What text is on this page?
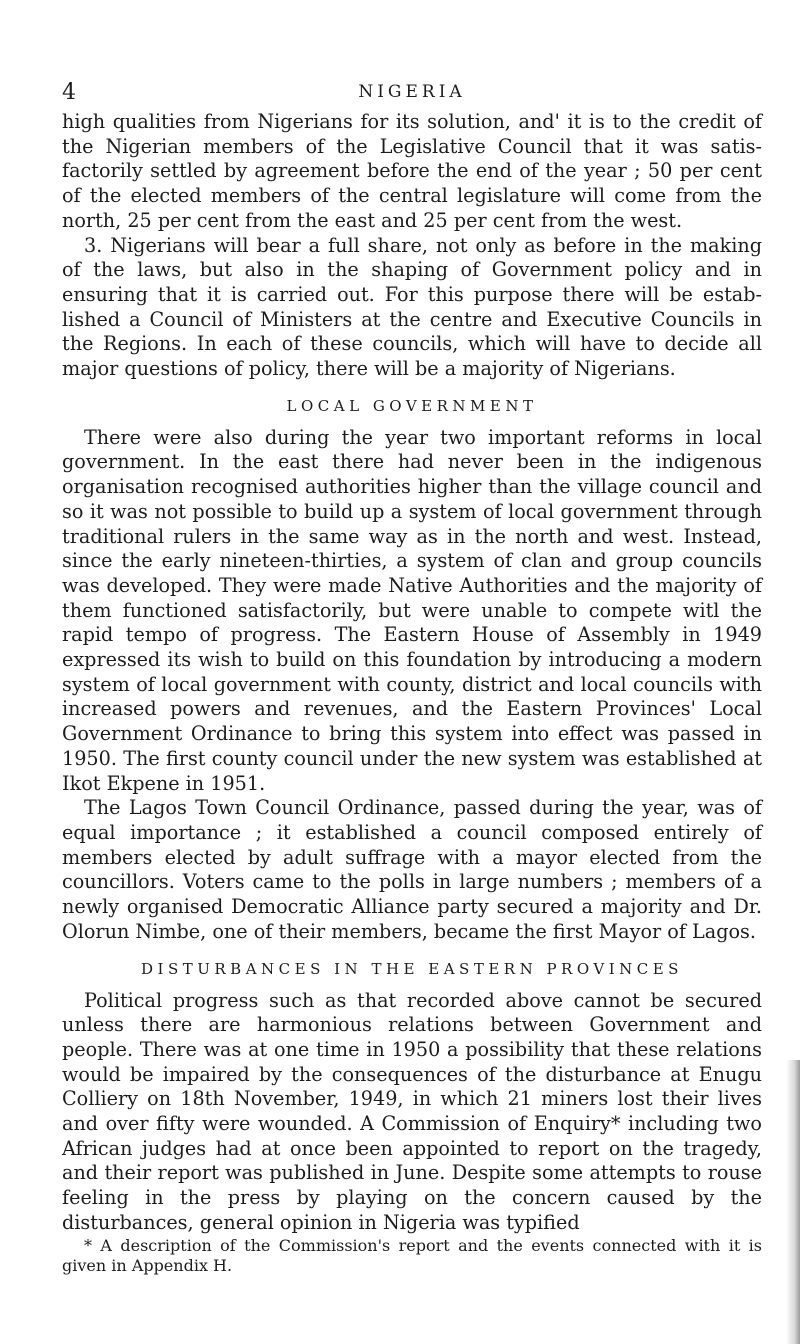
4	NIGERIA

high qualities from Nigerians for its solution, and' it is to the credit of the Nigerian members of the Legislative Council that it was satis-factorily settled by agreement before the end of the year ; 50 per cent of the elected members of the central legislature will come from the north, 25 per cent from the east and 25 per cent from the west.

3. Nigerians will bear a full share, not only as before in the making of the laws, but also in the shaping of Government policy and in ensuring that it is carried out. For this purpose there will be estab-lished a Council of Ministers at the centre and Executive Councils in the Regions. In each of these councils, which will have to decide all major questions of policy, there will be a majority of Nigerians.

LOCAL GOVERNMENT

There were also during the year two important reforms in local government. In the east there had never been in the indigenous organisation recognised authorities higher than the village council and so it was not possible to build up a system of local government through traditional rulers in the same way as in the north and west. Instead, since the early nineteen-thirties, a system of clan and group councils was developed. They were made Native Authorities and the majority of them functioned satisfactorily, but were unable to compete witl the rapid tempo of progress. The Eastern House of Assembly in 1949 expressed its wish to build on this foundation by introducing a modern system of local government with county, district and local councils with increased powers and revenues, and the Eastern Provinces' Local Government Ordinance to bring this system into effect was passed in 1950. The first county council under the new system was established at Ikot Ekpene in 1951.

The Lagos Town Council Ordinance, passed during the year, was of equal importance ; it established a council composed entirely of members elected by adult suffrage with a mayor elected from the councillors. Voters came to the polls in large numbers ; members of a newly organised Democratic Alliance party secured a majority and Dr. Olorun Nimbe, one of their members, became the first Mayor of Lagos.

DISTURBANCES IN THE EASTERN PROVINCES

Political progress such as that recorded above cannot be secured unless there are harmonious relations between Government and people. There was at one time in 1950 a possibility that these relations would be impaired by the consequences of the disturbance at Enugu Colliery on 18th November, 1949, in which 21 miners lost their lives and over fifty were wounded. A Commission of Enquiry* including two African judges had at once been appointed to report on the tragedy, and their report was published in June. Despite some attempts to rouse feeling in the press by playing on the concern caused by the disturbances, general opinion in Nigeria was typified

* A description of the Commission's report and the events connected with it is given in Appendix H.
